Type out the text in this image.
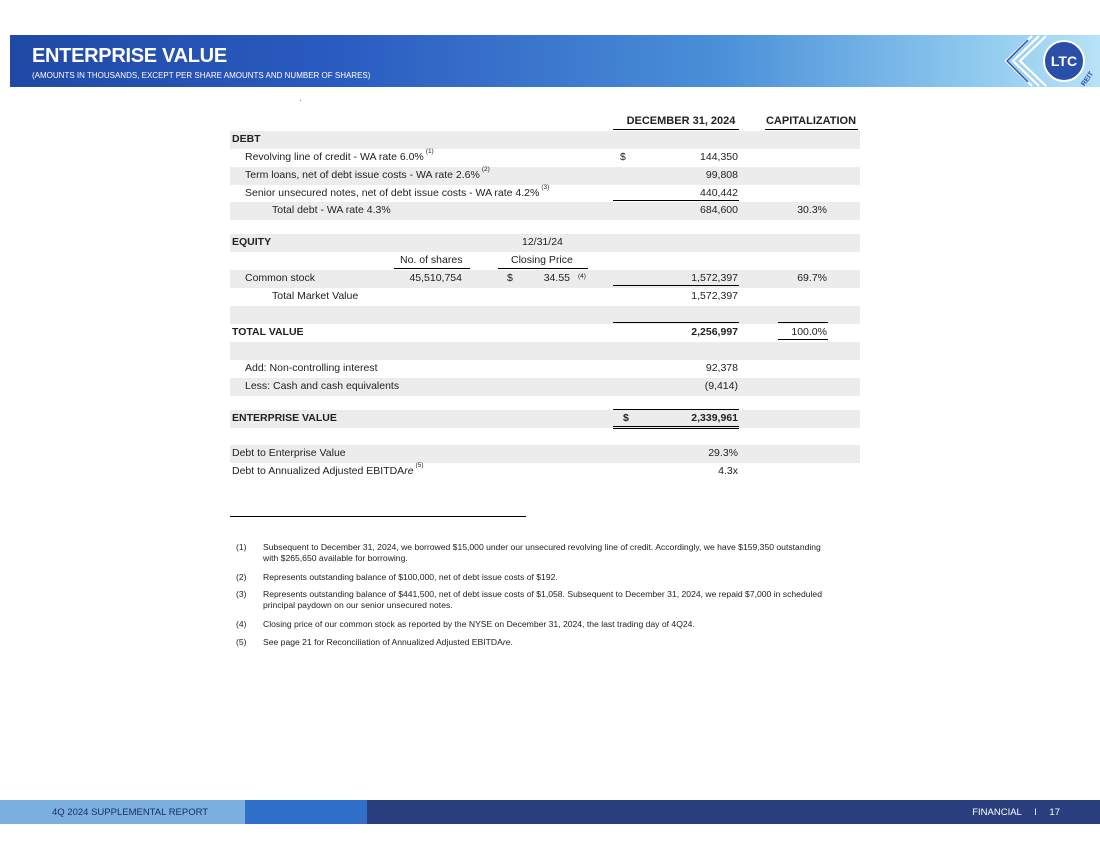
ENTERPRISE VALUE
(AMOUNTS IN THOUSANDS, EXCEPT PER SHARE AMOUNTS AND NUMBER OF SHARES)
LTC
REIT
DECEMBER 31, 2024	CAPITALIZATION
DEBT
Revolving line of credit - WA rate 6.0% $^{(1)}$	$	144,350
Term loans, net of debt issue costs - WA rate 2.6% $^{(2)}$	99,808
Senior unsecured notes, net of debt issue costs - WA rate 4.2% $^{(3)}$	440,442
Total debt - WA rate 4.3%	684,600	30.3%
EQUITY	12/31/24
No. of shares	Closing Price
Common stock	45,510,754	$	34.55 (4)	1,572,397	69.7%
Total Market Value	1,572,397
TOTAL VALUE	2,256,997	100.0%
Add: Non-controlling interest	92,378
Less: Cash and cash equivalents	(9,414)
ENTERPRISE VALUE	$	2,339,961
Debt to Enterprise Value	29.3%
Debt to Annualized Adjusted EBITDAre $^{(5)}$	4.3x
(1) Subsequent to December 31, 2024, we borrowed $15,000 under our unsecured revolving line of credit. Accordingly, we have $159,350 outstanding with $265,650 available for borrowing.
(2) Represents outstanding balance of $100,000, net of debt issue costs of $192.
(3) Represents outstanding balance of $441,500, net of debt issue costs of $1,058. Subsequent to December 31, 2024, we repaid $7,000 in scheduled principal paydown on our senior unsecured notes.
(4) Closing price of our common stock as reported by the NYSE on December 31, 2024, the last trading day of 4Q24.
(5) See page 21 for Reconciliation of Annualized Adjusted EBITDAre.
4Q 2024 SUPPLEMENTAL REPORT	FINANCIAL I 17
